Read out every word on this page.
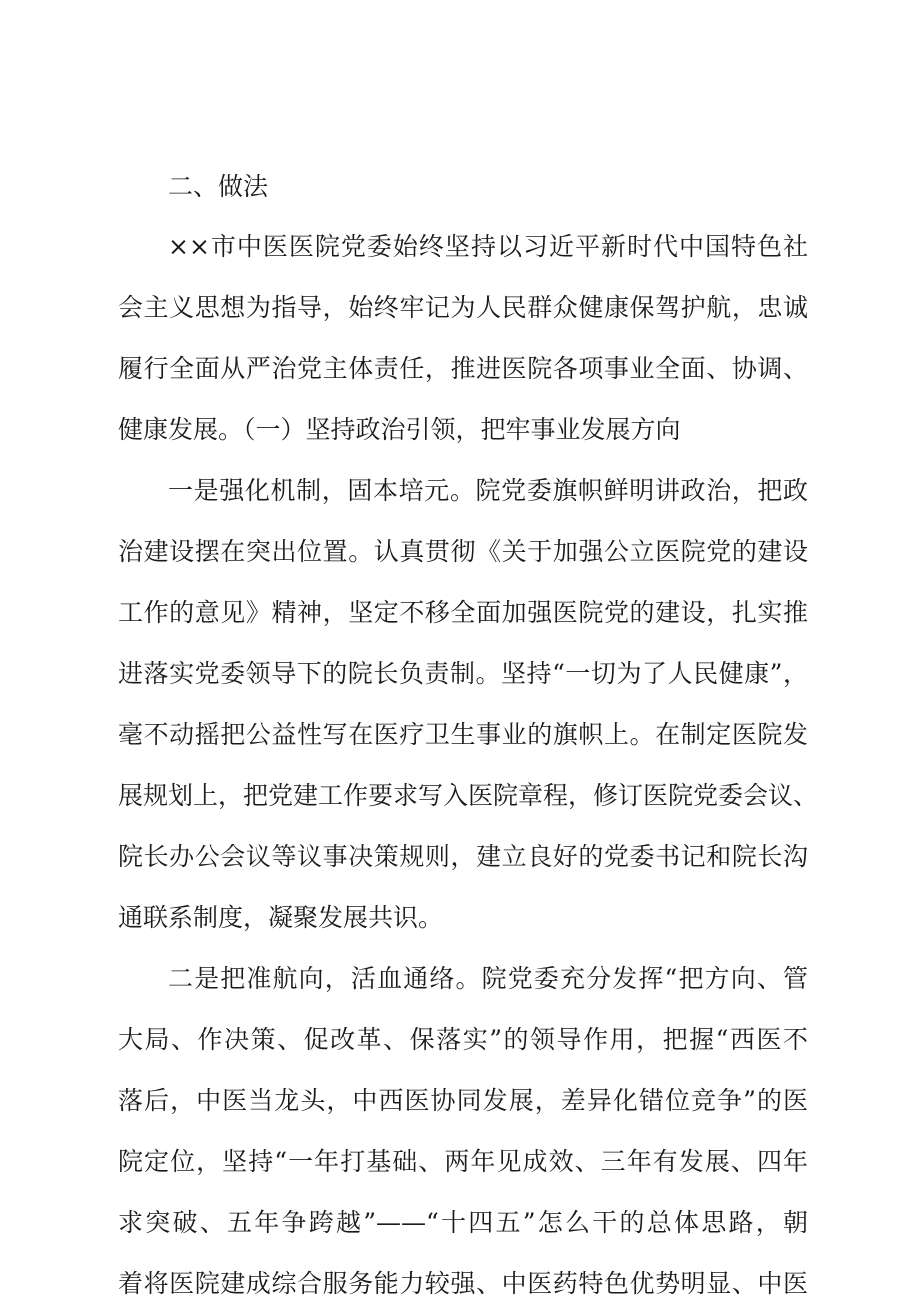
二、做法
××市中医医院党委始终坚持以习近平新时代中国特色社
会主义思想为指导，始终牢记为人民群众健康保驾护航，忠诚
履行全面从严治党主体责任，推进医院各项事业全面、协调、
健康发展。（一）坚持政治引领，把牢事业发展方向
一是强化机制，固本培元。院党委旗帜鲜明讲政治，把政
治建设摆在突出位置。认真贯彻《关于加强公立医院党的建设
工作的意见》精神，坚定不移全面加强医院党的建设，扎实推
进落实党委领导下的院长负责制。坚持“一切为了人民健康”，
毫不动摇把公益性写在医疗卫生事业的旗帜上。在制定医院发
展规划上，把党建工作要求写入医院章程，修订医院党委会议、
院长办公会议等议事决策规则，建立良好的党委书记和院长沟
通联系制度，凝聚发展共识。
二是把准航向，活血通络。院党委充分发挥“把方向、管
大局、作决策、促改革、保落实”的领导作用，把握“西医不
落后，中医当龙头，中西医协同发展，差异化错位竞争”的医
院定位，坚持“一年打基础、两年见成效、三年有发展、四年
求突破、五年争跨越”——“十四五”怎么干的总体思路，朝
着将医院建成综合服务能力较强、中医药特色优势明显、中医
